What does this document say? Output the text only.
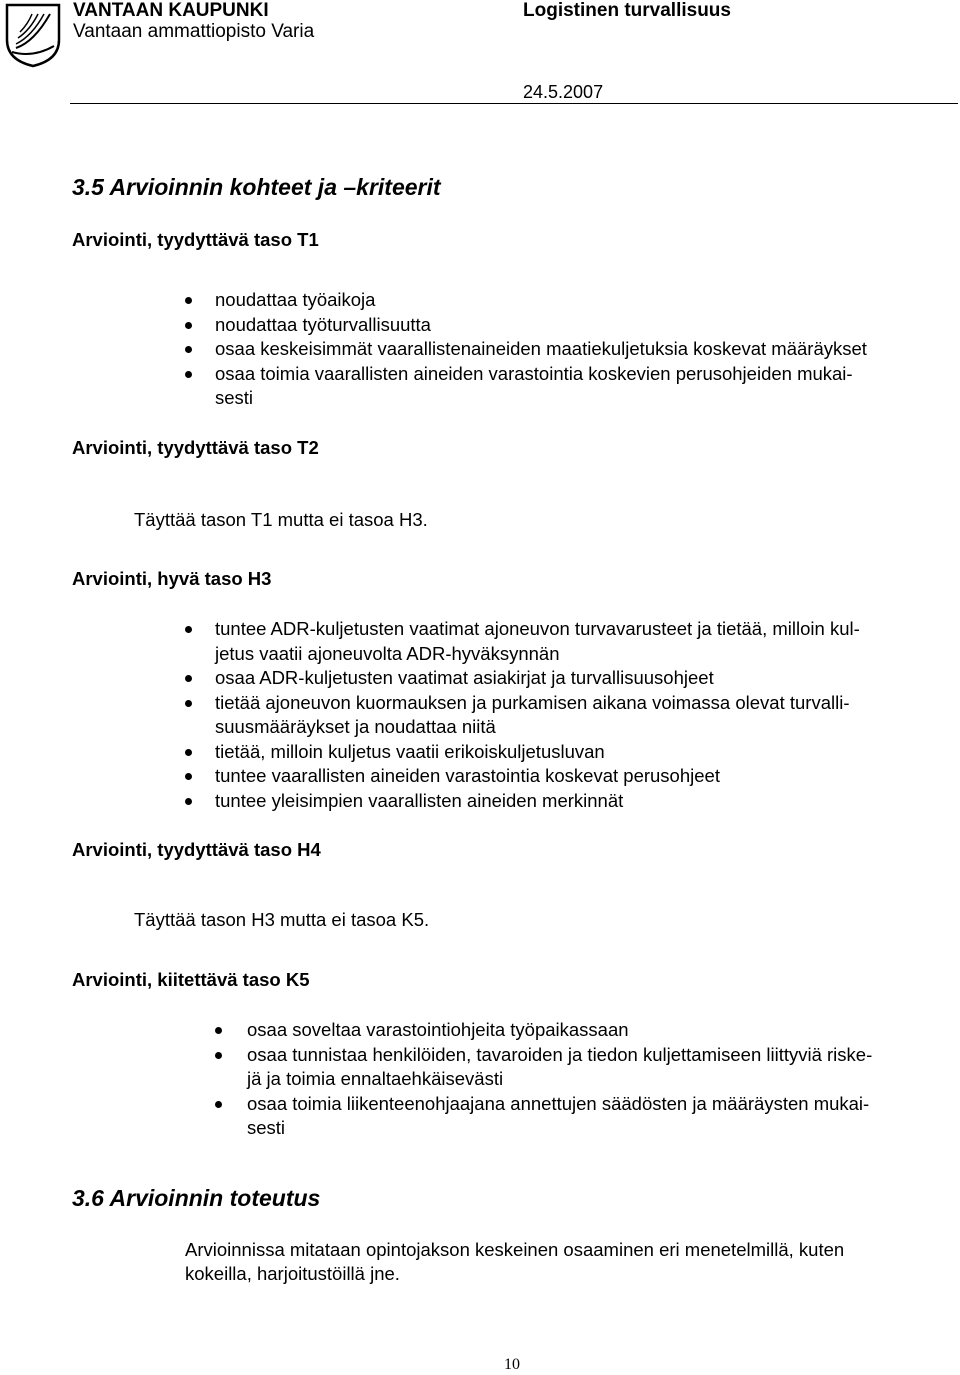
VANTAAN KAUPUNKI
Vantaan ammattiopisto Varia
Logistinen turvallisuus
24.5.2007
3.5 Arvioinnin kohteet ja –kriteerit
Arviointi, tyydyttävä taso T1
noudattaa työaikoja
noudattaa työturvallisuutta
osaa keskeisimmät vaarallistenaineiden maatiekuljetuksia koskevat määräykset
osaa toimia vaarallisten aineiden varastointia koskevien perusohjeiden mukai-
sesti
Arviointi, tyydyttävä taso T2
Täyttää tason T1 mutta ei tasoa H3.
Arviointi, hyvä taso H3
tuntee ADR-kuljetusten vaatimat ajoneuvon turvavarusteet ja tietää, milloin kul-
jetus vaatii ajoneuvolta ADR-hyväksynnän
osaa ADR-kuljetusten vaatimat asiakirjat ja turvallisuusohjeet
tietää ajoneuvon kuormauksen ja purkamisen aikana voimassa olevat turvalli-
suusmääräykset ja noudattaa niitä
tietää, milloin kuljetus vaatii erikoiskuljetusluvan
tuntee vaarallisten aineiden varastointia koskevat perusohjeet
tuntee yleisimpien vaarallisten aineiden merkinnät
Arviointi, tyydyttävä taso H4
Täyttää tason H3 mutta ei tasoa K5.
Arviointi, kiitettävä taso K5
osaa soveltaa varastointiohjeita työpaikassaan
osaa tunnistaa henkilöiden, tavaroiden ja tiedon kuljettamiseen liittyviä riske-
jä ja toimia ennaltaehkäisevästi
osaa toimia liikenteenohjaajana annettujen säädösten ja määräysten mukai-
sesti
3.6 Arvioinnin toteutus
Arvioinnissa mitataan opintojakson keskeinen osaaminen eri menetelmillä, kuten
kokeilla, harjoitustöillä jne.
10
